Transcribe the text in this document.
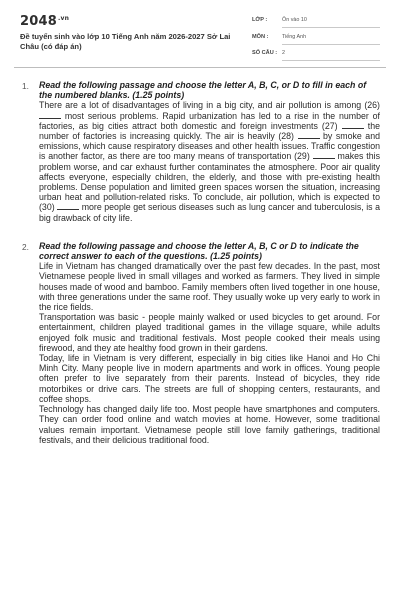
$2048^{.vn}$
Đề tuyển sinh vào lớp 10 Tiếng Anh năm 2026-2027 Sở Lai Châu (có đáp án)
LỚP :	Ôn vào 10
MÔN :	Tiếng Anh
SỐ CÂU : 2
1. Read the following passage and choose the letter A, B, C, or D to fill in each of the numbered blanks. (1.25 points)

There are a lot of disadvantages of living in a big city, and air pollution is among (26)  most serious problems. Rapid urbanization has led to a rise in the number of factories, as big cities attract both domestic and foreign investments (27)	the number of factories is increasing quickly. The air is heavily (28)	by smoke and emissions, which cause respiratory diseases and other health issues. Traffic congestion is another factor, as there are too many means of transportation (29)	makes this problem worse, and car exhaust further contaminates the atmosphere. Poor air quality affects everyone, especially children, the elderly, and those with pre-existing health problems. Dense population and limited green spaces worsen the situation, increasing urban heat and pollution-related risks. To conclude, air pollution, which is expected to (30)	more people get serious diseases such as lung cancer and tuberculosis, is a big drawback of city life.

2. Read the following passage and choose the letter A, B, C or D to indicate the correct answer to each of the questions. (1.25 points)

Life in Vietnam has changed dramatically over the past few decades. In the past, most Vietnamese people lived in small villages and worked as farmers. They lived in simple houses made of wood and bamboo. Family members often lived together in one house, with three generations under the same roof. They usually woke up very early to work in the rice fields.

Transportation was basic - people mainly walked or used bicycles to get around. For entertainment, children played traditional games in the village square, while adults enjoyed folk music and traditional festivals. Most people cooked their meals using firewood, and they ate healthy food grown in their gardens.

Today, life in Vietnam is very different, especially in big cities like Hanoi and Ho Chi Minh City. Many people live in modern apartments and work in offices. Young people often prefer to live separately from their parents. Instead of bicycles, they ride motorbikes or drive cars. The streets are full of shopping centers, restaurants, and coffee shops.

Technology has changed daily life too. Most people have smartphones and computers. They can order food online and watch movies at home. However, some traditional values remain important. Vietnamese people still love family gatherings, traditional festivals, and their delicious traditional food.
